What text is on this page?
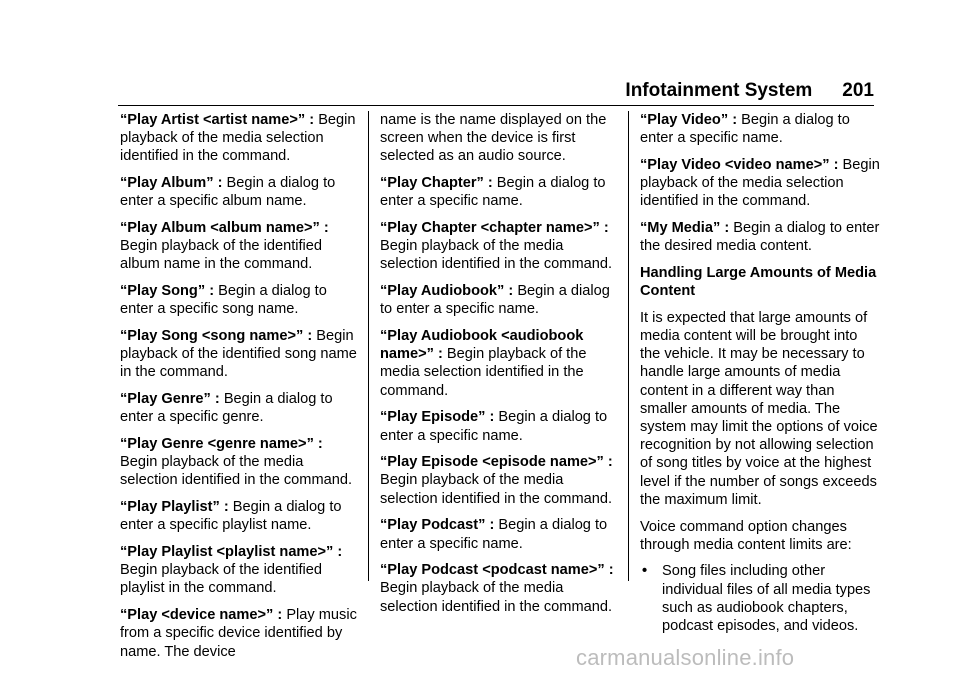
Infotainment System 201

“Play Artist <artist name>” : Begin playback of the media selection identified in the command.

“Play Album” : Begin a dialog to enter a specific album name.

“Play Album <album name>” : Begin playback of the identified album name in the command.

“Play Song” : Begin a dialog to enter a specific song name.

“Play Song <song name>” : Begin playback of the identified song name in the command.

“Play Genre” : Begin a dialog to enter a specific genre.

“Play Genre <genre name>” : Begin playback of the media selection identified in the command.

“Play Playlist” : Begin a dialog to enter a specific playlist name.

“Play Playlist <playlist name>” : Begin playback of the identified playlist in the command.

“Play <device name>” : Play music from a specific device identified by name. The device

name is the name displayed on the screen when the device is first selected as an audio source.

“Play Chapter” : Begin a dialog to enter a specific name.

“Play Chapter <chapter name>” : Begin playback of the media selection identified in the command.

“Play Audiobook” : Begin a dialog to enter a specific name.

“Play Audiobook <audiobook name>” : Begin playback of the media selection identified in the command.

“Play Episode” : Begin a dialog to enter a specific name.

“Play Episode <episode name>” : Begin playback of the media selection identified in the command.

“Play Podcast” : Begin a dialog to enter a specific name.

“Play Podcast <podcast name>” : Begin playback of the media selection identified in the command.

“Play Video” : Begin a dialog to enter a specific name.

“Play Video <video name>” : Begin playback of the media selection identified in the command.

“My Media” : Begin a dialog to enter the desired media content.

Handling Large Amounts of Media Content

It is expected that large amounts of media content will be brought into the vehicle. It may be necessary to handle large amounts of media content in a different way than smaller amounts of media. The system may limit the options of voice recognition by not allowing selection of song titles by voice at the highest level if the number of songs exceeds the maximum limit.

Voice command option changes through media content limits are:

•	Song files including other individual files of all media types such as audiobook chapters, podcast episodes, and videos.
carmanualsonline.info
